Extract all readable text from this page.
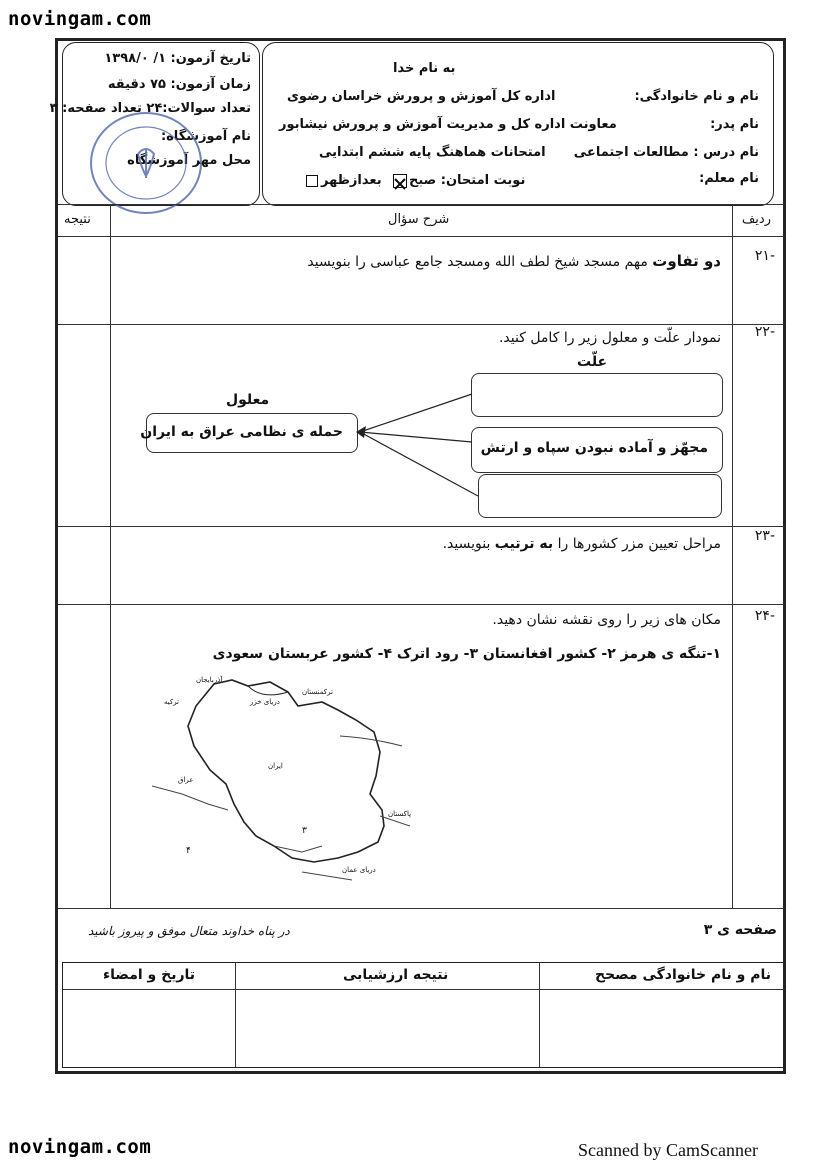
novingam.com
تاریخ آزمون: ۱/ ۱۳۹۸/۰
زمان آزمون: ۷۵ دقیقه
تعداد سوالات:۲۴ تعداد صفحه: ۳
نام آموزشگاه:
محل مهر آموزشگاه
به نام خدا
اداره کل آموزش و پرورش خراسان رضوی
معاونت اداره کل و مدیریت آموزش و پرورش نیشابور
امتحانات هماهنگ پایه ششم ابتدایی
نوبت امتحان: صبح
بعدازظهر
نام و نام خانوادگی:
نام پدر:
نام درس : مطالعات اجتماعی
نام معلم:
ردیف
شرح سؤال
نتیجه
-۲۱
دو تفاوت مهم مسجد شیخ لطف الله ومسجد جامع عباسی را بنویسید
-۲۲
نمودار علّت و معلول زیر را کامل کنید.
علّت
معلول
حمله ی نظامی عراق به ایران
مجهّز و آماده نبودن سپاه و ارتش
-۲۳
مراحل تعیین مزر کشورها را به ترتیب بنویسید.
-۲۴
مکان های زیر را روی نقشه نشان دهید.
۱-تنگه ی هرمز ۲- کشور افغانستان ۳- رود اترک ۴- کشور عربستان سعودی
آذربایجان
دریای خزر
ترکمنستان
ترکیه
ایران
عراق
پاکستان
دریای عمان
۴
۳
صفحه ی ۳
در پناه خداوند متعال موفق و پیروز باشید
نام و نام خانوادگی مصحح
نتیجه ارزشیابی
تاریخ و امضاء
novingam.com	Scanned by CamScanner
